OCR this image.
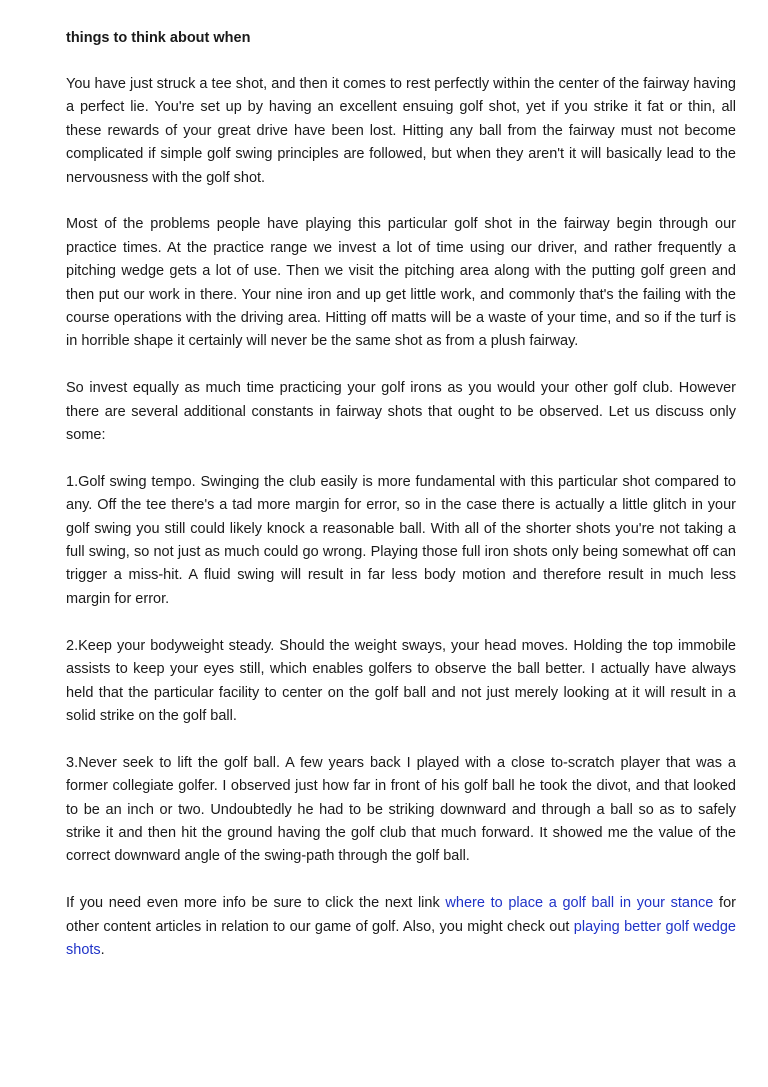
things to think about when

You have just struck a tee shot, and then it comes to rest perfectly within the center of the fairway having a perfect lie. You're set up by having an excellent ensuing golf shot, yet if you strike it fat or thin, all these rewards of your great drive have been lost. Hitting any ball from the fairway must not become complicated if simple golf swing principles are followed, but when they aren't it will basically lead to the nervousness with the golf shot.

Most of the problems people have playing this particular golf shot in the fairway begin through our practice times. At the practice range we invest a lot of time using our driver, and rather frequently a pitching wedge gets a lot of use. Then we visit the pitching area along with the putting golf green and then put our work in there. Your nine iron and up get little work, and commonly that's the failing with the course operations with the driving area. Hitting off matts will be a waste of your time, and so if the turf is in horrible shape it certainly will never be the same shot as from a plush fairway.

So invest equally as much time practicing your golf irons as you would your other golf club. However there are several additional constants in fairway shots that ought to be observed. Let us discuss only some:

1.Golf swing tempo. Swinging the club easily is more fundamental with this particular shot compared to any. Off the tee there's a tad more margin for error, so in the case there is actually a little glitch in your golf swing you still could likely knock a reasonable ball. With all of the shorter shots you're not taking a full swing, so not just as much could go wrong. Playing those full iron shots only being somewhat off can trigger a miss-hit. A fluid swing will result in far less body motion and therefore result in much less margin for error.

2.Keep your bodyweight steady. Should the weight sways, your head moves. Holding the top immobile assists to keep your eyes still, which enables golfers to observe the ball better. I actually have always held that the particular facility to center on the golf ball and not just merely looking at it will result in a solid strike on the golf ball.

3.Never seek to lift the golf ball. A few years back I played with a close to-scratch player that was a former collegiate golfer. I observed just how far in front of his golf ball he took the divot, and that looked to be an inch or two. Undoubtedly he had to be striking downward and through a ball so as to safely strike it and then hit the ground having the golf club that much forward. It showed me the value of the correct downward angle of the swing-path through the golf ball.

If you need even more info be sure to click the next link where to place a golf ball in your stance for other content articles in relation to our game of golf. Also, you might check out playing better golf wedge shots.
